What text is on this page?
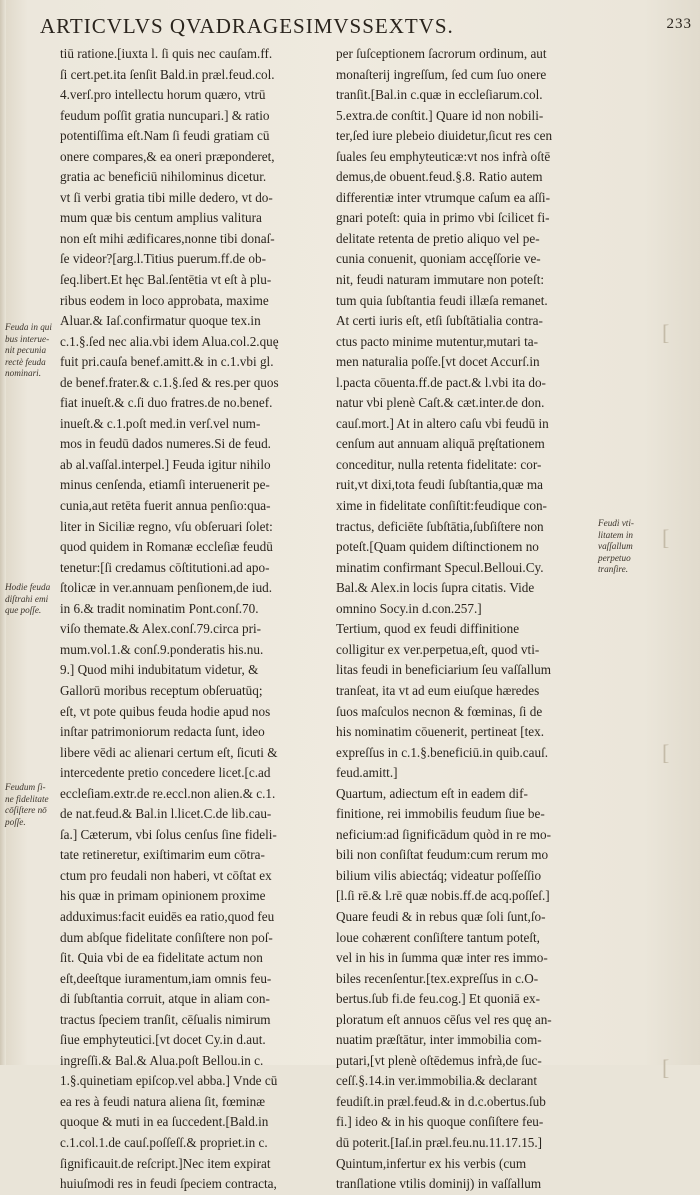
ARTICVLVS QVADRAGESIMVSSEXTVS.	233
tiū ratione.[iuxta l. ſi quis nec cauſam.ff.
ſi cert.pet.ita ſenſit Bald.in præl.feud.col.
4.verſ.pro intellectu horum quæro, vtrū
feudum poſſit gratia nuncupari.] & ratio
potentiſſima eſt.Nam ſi feudi gratiam cū
onere compares,& ea oneri præponderet,
gratia ac beneficiū nihilominus dicetur.
vt ſi verbi gratia tibi mille dedero, vt do-
mum quæ bis centum amplius valitura
non eſt mihi ædificares,nonne tibi donaſ-
ſe videor?[arg.l.Titius puerum.ff.de ob-
ſeq.libert.Et hęc Bal.ſentētia vt eſt à plu-
ribus eodem in loco approbata, maxime
Aluar.& Iaſ.confirmatur quoque tex.in
c.1.§.ſed nec alia.vbi idem Alua.col.2.quę
fuit pri.cauſa benef.amitt.& in c.1.vbi gl.
de benef.frater.& c.1.§.ſed & res.per quos
fiat inueſt.& c.ſi duo fratres.de no.benef.
inueſt.& c.1.poſt med.in verſ.vel num-
mos in feudū dados numeres.Si de feud.
ab al.vaſſal.interpel.] Feuda igitur nihilo
minus cenſenda, etiamſi interuenerit pe-
cunia,aut retēta fuerit annua penſio:qua-
liter in Siciliæ regno, vſu obſeruari ſolet:
quod quidem in Romanæ eccleſiæ feudū
tenetur:[ſi credamus cōſtitutioni.ad apo-
ſtolicæ in ver.annuam penſionem,de iud.
in 6.& tradit nominatim Pont.conſ.70.
viſo themate.& Alex.conſ.79.circa pri-
mum.vol.1.& conſ.9.ponderatis his.nu.
9.] Quod mihi indubitatum videtur, &
Gallorū moribus receptum obſeruatūq;
eſt, vt pote quibus feuda hodie apud nos
inſtar patrimoniorum redacta ſunt, ideo
libere vēdi ac alienari certum eſt, ſicuti &
intercedente pretio concedere licet.[c.ad
eccleſiam.extr.de re.eccl.non alien.& c.1.
de nat.feud.& Bal.in l.licet.C.de lib.cau-
ſa.] Cæterum, vbi ſolus cenſus ſine fideli-
tate retineretur, exiſtimarim eum cōtra-
ctum pro feudali non haberi, vt cōſtat ex
his quæ in primam opinionem proxime
adduximus:facit euidēs ea ratio,quod feu
dum abſque fidelitate conſiſtere non poſ-
ſit. Quia vbi de ea fidelitate actum non
eſt,deeſtque iuramentum,iam omnis feu-
di ſubſtantia corruit, atque in aliam con-
tractus ſpeciem tranſit, cēſualis nimirum
ſiue emphyteutici.[vt docet Cy.in d.aut.
ingreſſi.& Bal.& Alua.poſt Bellou.in c.
1.§.quinetiam epiſcop.vel abba.] Vnde cū
ea res à feudi natura aliena ſit, fœminæ
quoque & muti in ea ſuccedent.[Bald.in
c.1.col.1.de cauſ.poſſeſſ.& propriet.in c.
ſignificauit.de reſcript.]Nec item expirat
huiuſmodi res in feudi ſpeciem contracta,
per ſuſceptionem ſacrorum ordinum, aut
monaſterij ingreſſum, ſed cum ſuo onere
tranſit.[Bal.in c.quæ in eccleſiarum.col.
5.extra.de conſtit.] Quare id non nobili-
ter,ſed iure plebeio diuidetur,ſicut res cen
ſuales ſeu emphyteuticæ:vt nos infrà oſtē
demus,de obuent.feud.§.8. Ratio autem
differentiæ inter vtrumque caſum ea aſſi-
gnari poteſt: quia in primo vbi ſcilicet fi-
delitate retenta de pretio aliquo vel pe-
cunia conuenit, quoniam accęſſorie ve-
nit, feudi naturam immutare non poteſt:
tum quia ſubſtantia feudi illæſa remanet.
At certi iuris eſt, etſi ſubſtātialia contra-
ctus pacto minime mutentur,mutari ta-
men naturalia poſſe.[vt docet Accurſ.in
l.pacta cōuenta.ff.de pact.& l.vbi ita do-
natur vbi plenè Caſt.& cæt.inter.de don.
cauſ.mort.] At in altero caſu vbi feudū in
cenſum aut annuam aliquā pręſtationem
conceditur, nulla retenta fidelitate: cor-
ruit,vt dixi,tota feudi ſubſtantia,quæ ma
xime in fidelitate conſiſtit:feudique con-
tractus, deficiēte ſubſtātia,ſubſiſtere non
poteſt.[Quam quidem diſtinctionem no
minatim confirmant Specul.Belloui.Cy.
Bal.& Alex.in locis ſupra citatis. Vide
omnino Socy.in d.con.257.]
Tertium, quod ex feudi diffinitione
colligitur ex ver.perpetua,eſt, quod vti-
litas feudi in beneficiarium ſeu vaſſallum
tranſeat, ita vt ad eum eiuſque hæredes
ſuos maſculos necnon & fœminas, ſi de
his nominatim cōuenerit, pertineat [tex.
expreſſus in c.1.§.beneficiū.in quib.cauſ.
feud.amitt.]
Quartum, adiectum eſt in eadem dif-
finitione, rei immobilis feudum ſiue be-
neficium:ad ſignificādum quòd in re mo-
bili non conſiſtat feudum:cum rerum mo
bilium vilis abiectáq; videatur poſſeſſio
[l.ſi rē.& l.rē quæ nobis.ff.de acq.poſſeſ.]
Quare feudi & in rebus quæ ſoli ſunt,ſo-
loue cohærent conſiſtere tantum poteſt,
vel in his in ſumma quæ inter res immo-
biles recenſentur.[tex.expreſſus in c.O-
bertus.ſub fi.de feu.cog.] Et quoniā ex-
ploratum eſt annuos cēſus vel res quę an-
nuatim præſtātur, inter immobilia com-
putari,[vt plenè oſtēdemus infrà,de ſuc-
ceſſ.§.14.in ver.immobilia.& declarant
feudiſt.in præl.feud.& in d.c.obertus.ſub
fi.] ideo & in his quoque conſiſtere feu-
dū poterit.[Iaſ.in præl.feu.nu.11.17.15.]
Quintum,infertur ex his verbis (cum
tranſlatione vtilis dominij) in vaſſallum
Feuda in qui
bus interue-
nit pecunia
rectè feuda
nominari.
Hodie feuda
diſtrahi emi
que poſſe.
Feudum ſi-
ne fidelitate
cōſiſtere nō
poſſe.
Feudi vti-
litatem in
vaſſallum
perpetuo
tranſire.
[
[
[
[
